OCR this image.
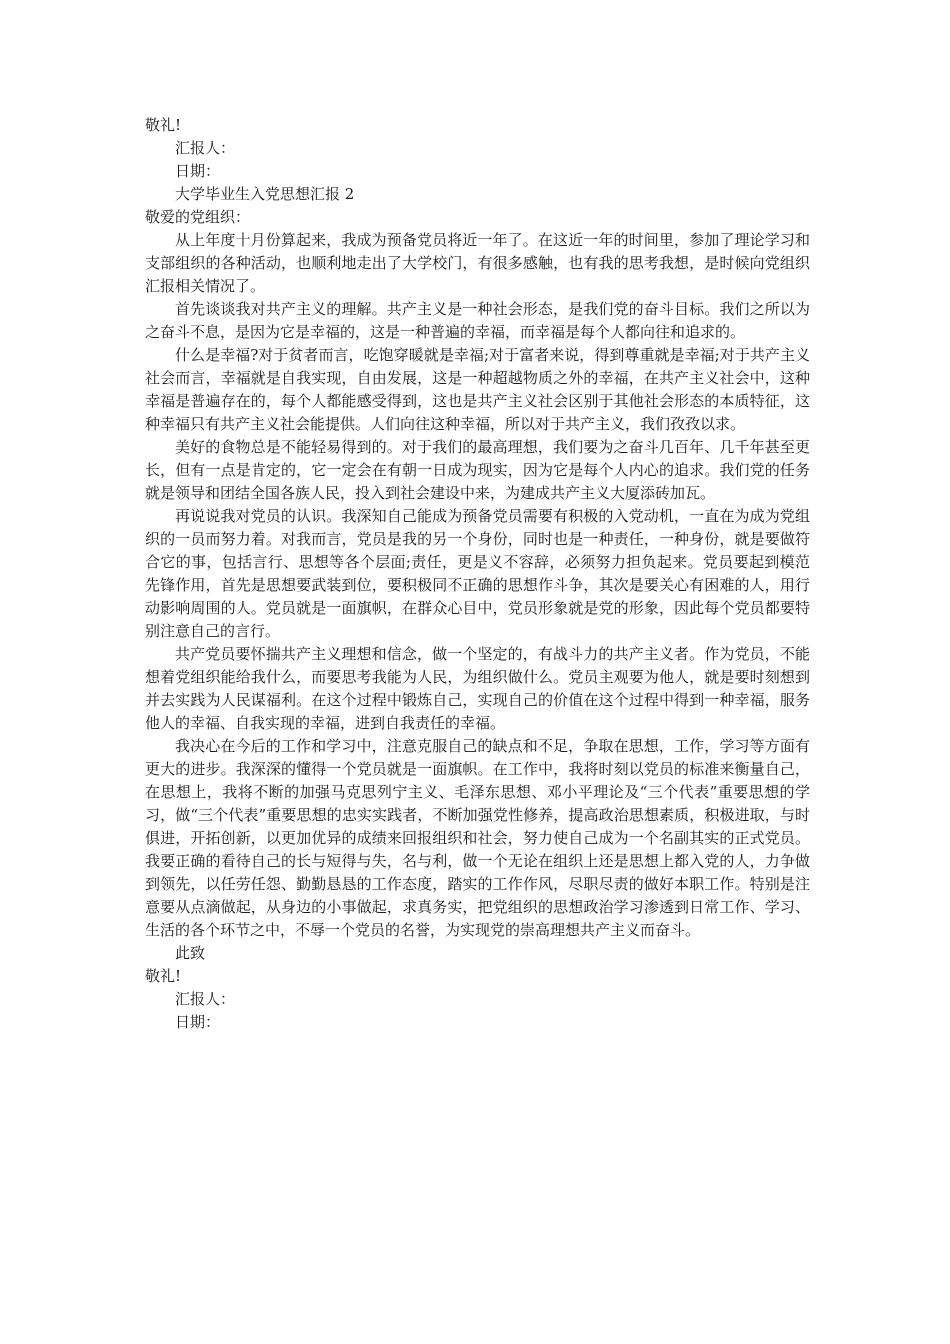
敬礼!

汇报人：

日期：

大学毕业生入党思想汇报 2

敬爱的党组织：

从上年度十月份算起来，我成为预备党员将近一年了。在这近一年的时间里，参加了理论学习和支部组织的各种活动，也顺利地走出了大学校门，有很多感触，也有我的思考我想，是时候向党组织汇报相关情况了。

首先谈谈我对共产主义的理解。共产主义是一种社会形态，是我们党的奋斗目标。我们之所以为之奋斗不息，是因为它是幸福的，这是一种普遍的幸福，而幸福是每个人都向往和追求的。

什么是幸福?对于贫者而言，吃饱穿暖就是幸福;对于富者来说，得到尊重就是幸福;对于共产主义社会而言，幸福就是自我实现，自由发展，这是一种超越物质之外的幸福，在共产主义社会中，这种幸福是普遍存在的，每个人都能感受得到，这也是共产主义社会区别于其他社会形态的本质特征，这种幸福只有共产主义社会能提供。人们向往这种幸福，所以对于共产主义，我们孜孜以求。

美好的食物总是不能轻易得到的。对于我们的最高理想，我们要为之奋斗几百年、几千年甚至更长，但有一点是肯定的，它一定会在有朝一日成为现实，因为它是每个人内心的追求。我们党的任务就是领导和团结全国各族人民，投入到社会建设中来，为建成共产主义大厦添砖加瓦。

再说说我对党员的认识。我深知自己能成为预备党员需要有积极的入党动机，一直在为成为党组织的一员而努力着。对我而言，党员是我的另一个身份，同时也是一种责任，一种身份，就是要做符合它的事，包括言行、思想等各个层面;责任，更是义不容辞，必须努力担负起来。党员要起到模范先锋作用，首先是思想要武装到位，要积极同不正确的思想作斗争，其次是要关心有困难的人，用行动影响周围的人。党员就是一面旗帜，在群众心目中，党员形象就是党的形象，因此每个党员都要特别注意自己的言行。

共产党员要怀揣共产主义理想和信念，做一个坚定的，有战斗力的共产主义者。作为党员，不能想着党组织能给我什么，而要思考我能为人民，为组织做什么。党员主观要为他人，就是要时刻想到并去实践为人民谋福利。在这个过程中锻炼自己，实现自己的价值在这个过程中得到一种幸福，服务他人的幸福、自我实现的幸福，进到自我责任的幸福。

我决心在今后的工作和学习中，注意克服自己的缺点和不足，争取在思想，工作，学习等方面有更大的进步。我深深的懂得一个党员就是一面旗帜。在工作中，我将时刻以党员的标准来衡量自己，在思想上，我将不断的加强马克思列宁主义、毛泽东思想、邓小平理论及“三个代表”重要思想的学习，做“三个代表”重要思想的忠实实践者，不断加强党性修养，提高政治思想素质，积极进取，与时俱进，开拓创新，以更加优异的成绩来回报组织和社会，努力使自己成为一个名副其实的正式党员。我要正确的看待自己的长与短得与失，名与利，做一个无论在组织上还是思想上都入党的人，力争做到领先，以任劳任怨、勤勤恳恳的工作态度，踏实的工作作风，尽职尽责的做好本职工作。特别是注意要从点滴做起，从身边的小事做起，求真务实，把党组织的思想政治学习渗透到日常工作、学习、生活的各个环节之中，不辱一个党员的名誉，为实现党的崇高理想共产主义而奋斗。

此致

敬礼!

汇报人：

日期：
